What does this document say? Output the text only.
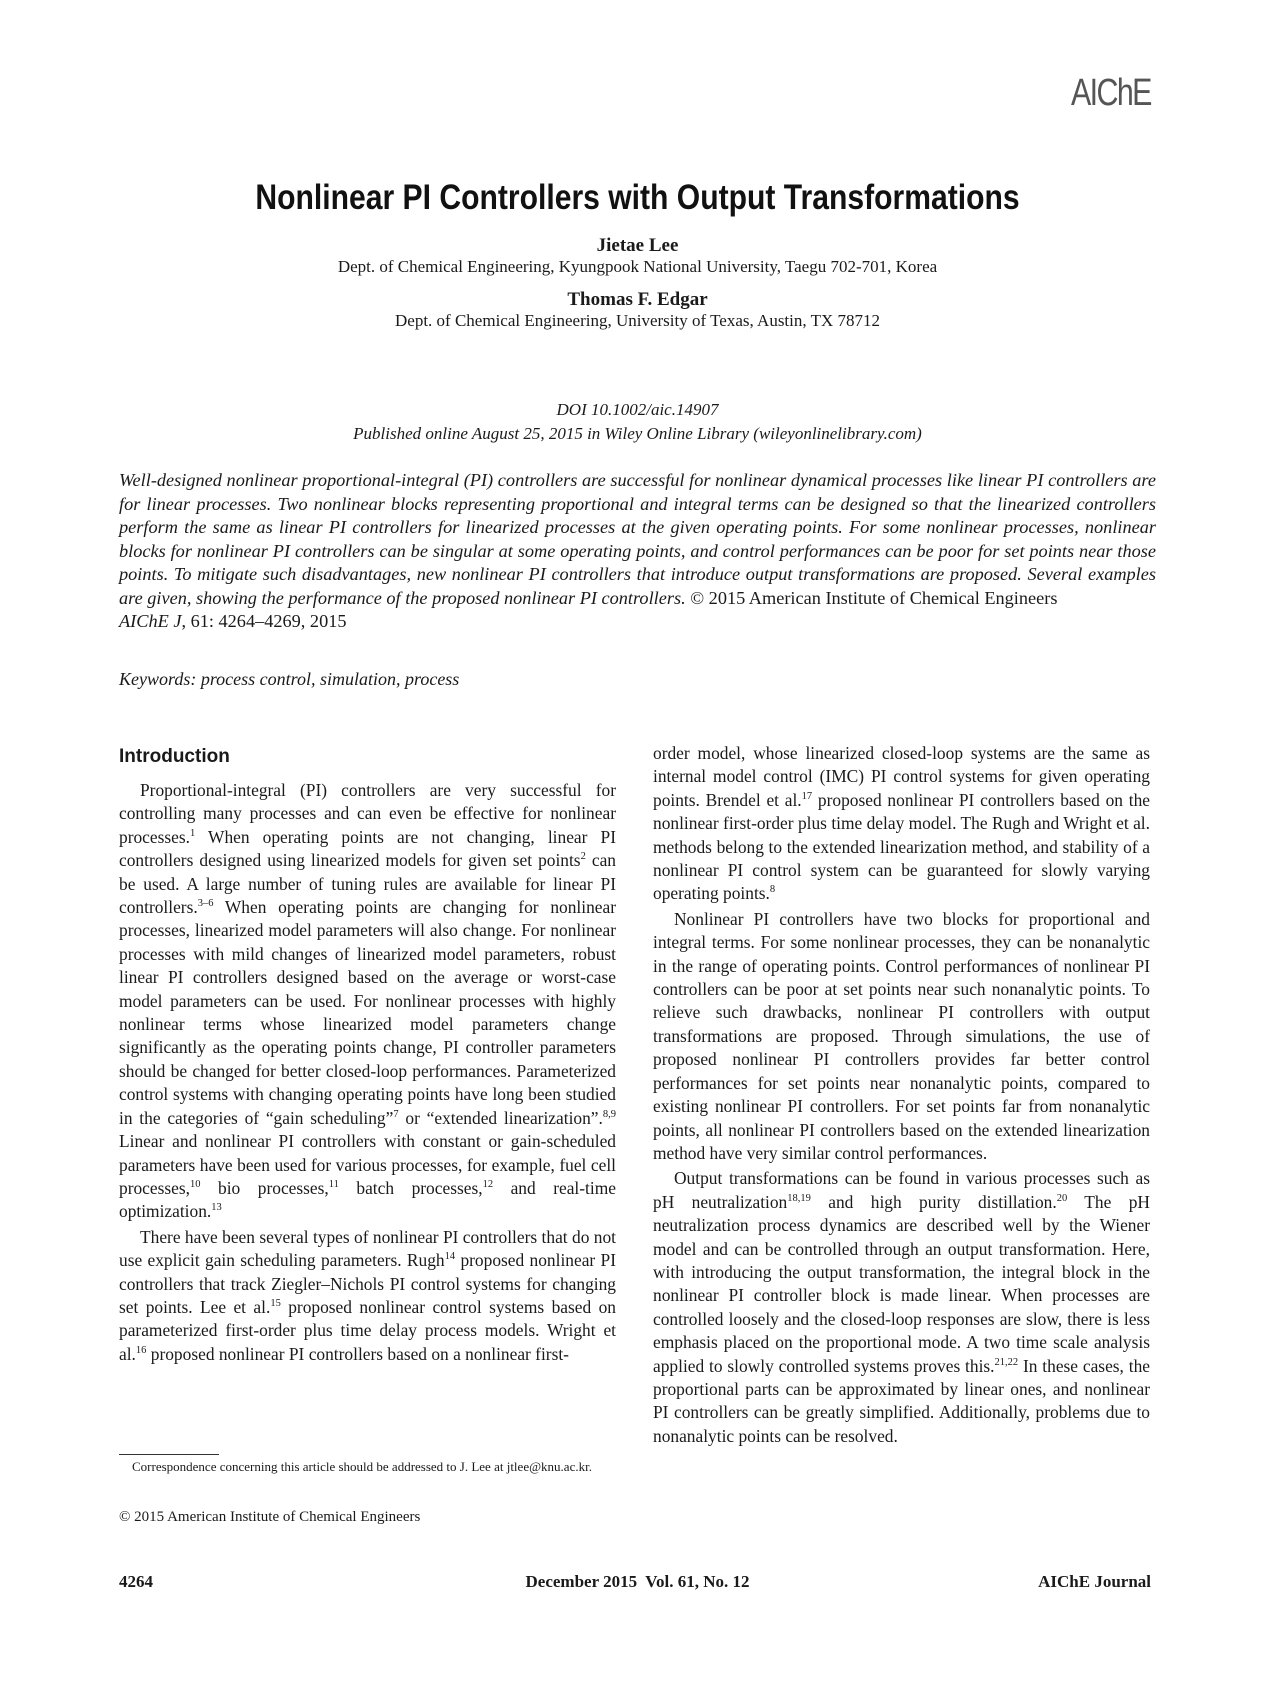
AIChE
Nonlinear PI Controllers with Output Transformations
Jietae Lee
Dept. of Chemical Engineering, Kyungpook National University, Taegu 702-701, Korea
Thomas F. Edgar
Dept. of Chemical Engineering, University of Texas, Austin, TX 78712
DOI 10.1002/aic.14907
Published online August 25, 2015 in Wiley Online Library (wileyonlinelibrary.com)
Well-designed nonlinear proportional-integral (PI) controllers are successful for nonlinear dynamical processes like linear PI controllers are for linear processes. Two nonlinear blocks representing proportional and integral terms can be designed so that the linearized controllers perform the same as linear PI controllers for linearized processes at the given operating points. For some nonlinear processes, nonlinear blocks for nonlinear PI controllers can be singular at some operating points, and control performances can be poor for set points near those points. To mitigate such disadvantages, new nonlinear PI controllers that introduce output transformations are proposed. Several examples are given, showing the performance of the proposed nonlinear PI controllers. © 2015 American Institute of Chemical Engineers
AIChE J, 61: 4264–4269, 2015
Keywords: process control, simulation, process
Introduction

Proportional-integral (PI) controllers are very successful for controlling many processes and can even be effective for nonlinear processes.$^1$ When operating points are not changing, linear PI controllers designed using linearized models for given set points$^2$ can be used. A large number of tuning rules are available for linear PI controllers.$^{3-6}$ When operating points are changing for nonlinear processes, linearized model parameters will also change. For nonlinear processes with mild changes of linearized model parameters, robust linear PI controllers designed based on the average or worst-case model parameters can be used. For nonlinear processes with highly nonlinear terms whose linearized model parameters change significantly as the operating points change, PI controller parameters should be changed for better closed-loop performances. Parameterized control systems with changing operating points have long been studied in the categories of “gain scheduling”$^7$ or “extended linearization”.$^{8,9}$ Linear and nonlinear PI controllers with constant or gain-scheduled parameters have been used for various processes, for example, fuel cell processes,$^{10}$ bio processes,$^{11}$ batch processes,$^{12}$ and real-time optimization.$^{13}$

There have been several types of nonlinear PI controllers that do not use explicit gain scheduling parameters. Rugh$^{14}$ proposed nonlinear PI controllers that track Ziegler–Nichols PI control systems for changing set points. Lee et al.$^{15}$ proposed nonlinear control systems based on parameterized first-order plus time delay process models. Wright et al.$^{16}$ proposed nonlinear PI controllers based on a nonlinear first-

order model, whose linearized closed-loop systems are the same as internal model control (IMC) PI control systems for given operating points. Brendel et al.$^{17}$ proposed nonlinear PI controllers based on the nonlinear first-order plus time delay model. The Rugh and Wright et al. methods belong to the extended linearization method, and stability of a nonlinear PI control system can be guaranteed for slowly varying operating points.$^8$

Nonlinear PI controllers have two blocks for proportional and integral terms. For some nonlinear processes, they can be nonanalytic in the range of operating points. Control performances of nonlinear PI controllers can be poor at set points near such nonanalytic points. To relieve such drawbacks, nonlinear PI controllers with output transformations are proposed. Through simulations, the use of proposed nonlinear PI controllers provides far better control performances for set points near nonanalytic points, compared to existing nonlinear PI controllers. For set points far from nonanalytic points, all nonlinear PI controllers based on the extended linearization method have very similar control performances.

Output transformations can be found in various processes such as pH neutralization$^{18,19}$ and high purity distillation.$^{20}$ The pH neutralization process dynamics are described well by the Wiener model and can be controlled through an output transformation. Here, with introducing the output transformation, the integral block in the nonlinear PI controller block is made linear. When processes are controlled loosely and the closed-loop responses are slow, there is less emphasis placed on the proportional mode. A two time scale analysis applied to slowly controlled systems proves this.$^{21,22}$ In these cases, the proportional parts can be approximated by linear ones, and nonlinear PI controllers can be greatly simplified. Additionally, problems due to nonanalytic points can be resolved.

Correspondence concerning this article should be addressed to J. Lee at jtlee@knu.ac.kr.
© 2015 American Institute of Chemical Engineers
4264	December 2015  Vol. 61, No. 12	AIChE Journal
